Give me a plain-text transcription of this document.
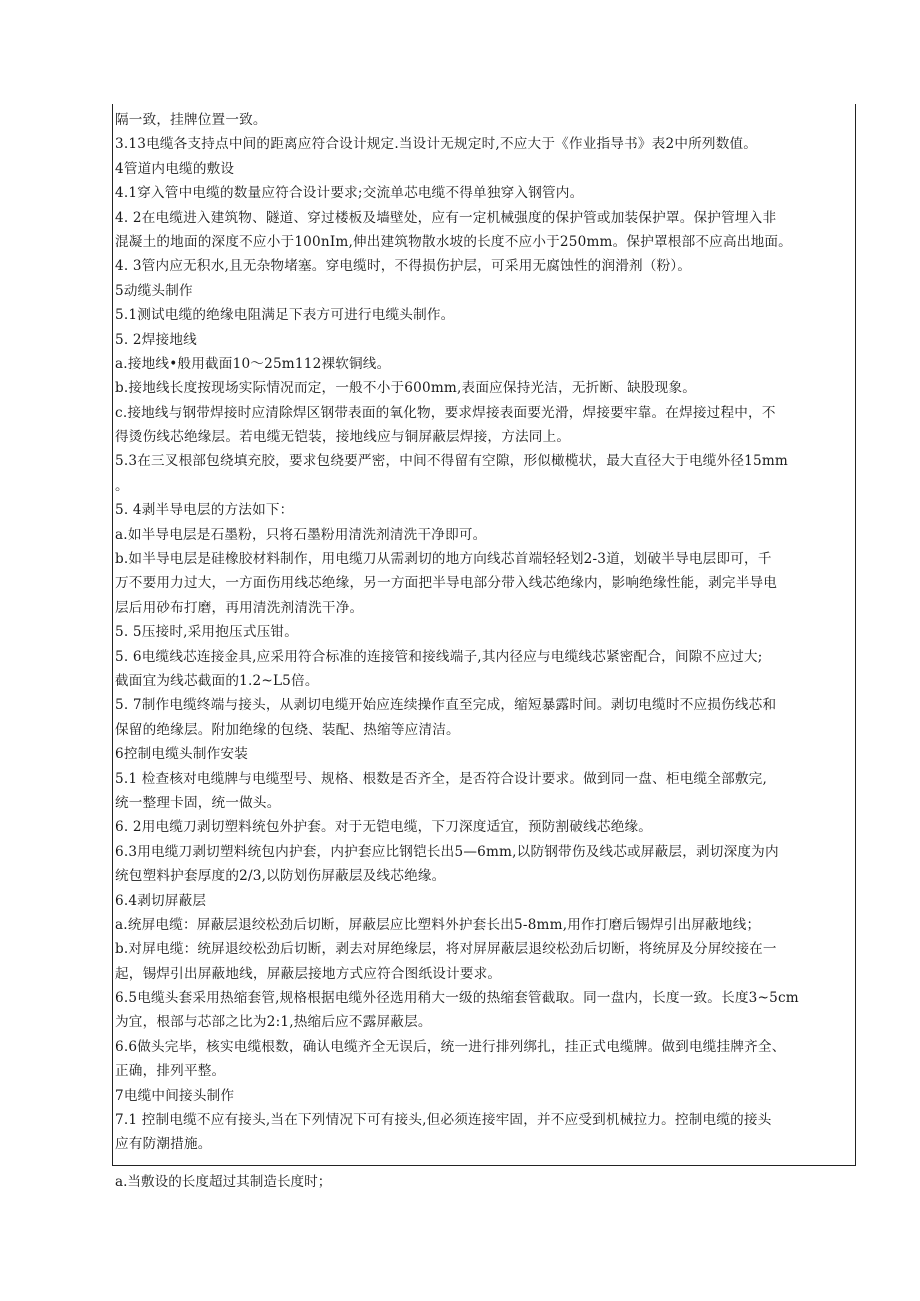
隔一致，挂牌位置一致。
3.13电缆各支持点中间的距离应符合设计规定.当设计无规定时,不应大于《作业指导书》表2中所列数值。
4管道内电缆的敷设
4.1穿入管中电缆的数量应符合设计要求;交流单芯电缆不得单独穿入钢管内。
4. 2在电缆进入建筑物、隧道、穿过楼板及墙壁处，应有一定机械强度的保护管或加装保护罩。保护管埋入非
混凝土的地面的深度不应小于100nIm,伸出建筑物散水坡的长度不应小于250mm。保护罩根部不应高出地面。
4. 3管内应无积水,且无杂物堵塞。穿电缆时，不得损伤护层，可采用无腐蚀性的润滑剂（粉）。
5动缆头制作
5.1测试电缆的绝缘电阻满足下表方可进行电缆头制作。
5. 2焊接地线
a.接地线•般用截面10～25m112裸软铜线。
b.接地线长度按现场实际情况而定，一般不小于600mm,表面应保持光洁，无折断、缺股现象。
c.接地线与钢带焊接时应清除焊区钢带表面的氧化物，要求焊接表面要光滑，焊接要牢靠。在焊接过程中，不
得烫伤线芯绝缘层。若电缆无铠装，接地线应与铜屏蔽层焊接，方法同上。
5.3在三叉根部包绕填充胶，要求包绕要严密，中间不得留有空隙，形似橄榄状，最大直径大于电缆外径15mm
。
5. 4剥半导电层的方法如下：
a.如半导电层是石墨粉，只将石墨粉用清洗剂清洗干净即可。
b.如半导电层是硅橡胶材料制作，用电缆刀从需剥切的地方向线芯首端轻轻划2-3道，划破半导电层即可，千
万不要用力过大，一方面伤用线芯绝缘，另一方面把半导电部分带入线芯绝缘内，影响绝缘性能，剥完半导电
层后用砂布打磨，再用清洗剂清洗干净。
5. 5压接时,采用抱压式压钳。
5. 6电缆线芯连接金具,应采用符合标准的连接管和接线端子,其内径应与电缆线芯紧密配合，间隙不应过大;
截面宜为线芯截面的1.2~L5倍。
5. 7制作电缆终端与接头，从剥切电缆开始应连续操作直至完成，缩短暴露时间。剥切电缆时不应损伤线芯和
保留的绝缘层。附加绝缘的包绕、装配、热缩等应清洁。
6控制电缆头制作安装
5.1 检查核对电缆牌与电缆型号、规格、根数是否齐全，是否符合设计要求。做到同一盘、柜电缆全部敷完,
统一整理卡固，统一做头。
6. 2用电缆刀剥切塑料统包外护套。对于无铠电缆，下刀深度适宜，预防割破线芯绝缘。
6.3用电缆刀剥切塑料统包内护套，内护套应比钢铠长出5—6mm,以防钢带伤及线芯或屏蔽层，剥切深度为内
统包塑料护套厚度的2/3,以防划伤屏蔽层及线芯绝缘。
6.4剥切屏蔽层
a.统屏电缆：屏蔽层退绞松劲后切断，屏蔽层应比塑料外护套长出5-8mm,用作打磨后锡焊引出屏蔽地线；
b.对屏电缆：统屏退绞松劲后切断，剥去对屏绝缘层，将对屏屏蔽层退绞松劲后切断，将统屏及分屏绞接在一
起，锡焊引出屏蔽地线，屏蔽层接地方式应符合图纸设计要求。
6.5电缆头套采用热缩套管,规格根据电缆外径选用稍大一级的热缩套管截取。同一盘内，长度一致。长度3~5cm
为宜，根部与芯部之比为2:1,热缩后应不露屏蔽层。
6.6做头完毕，核实电缆根数，确认电缆齐全无误后，统一进行排列绑扎，挂正式电缆牌。做到电缆挂牌齐全、
正确，排列平整。
7电缆中间接头制作
7.1 控制电缆不应有接头,当在下列情况下可有接头,但必须连接牢固，并不应受到机械拉力。控制电缆的接头
应有防潮措施。
a.当敷设的长度超过其制造长度时；
